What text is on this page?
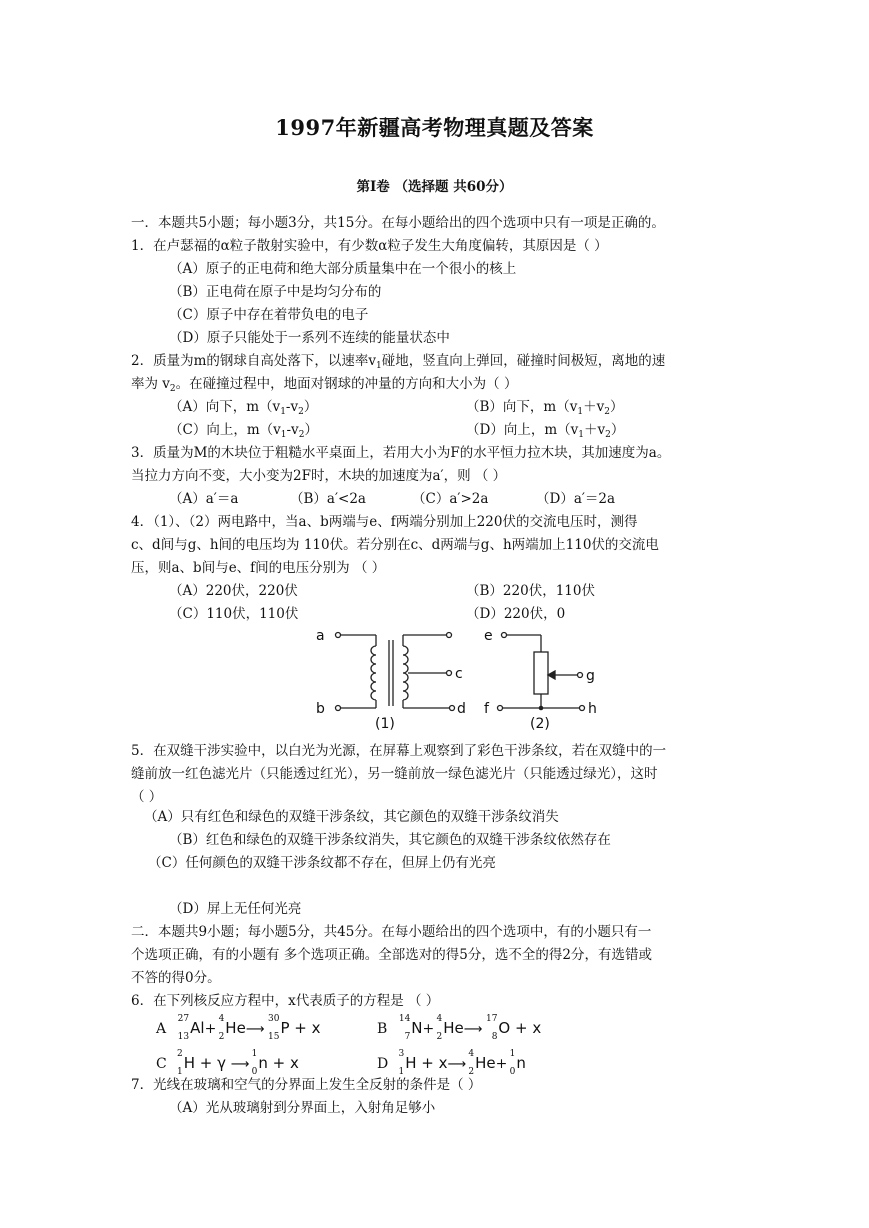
1997年新疆高考物理真题及答案
第Ⅰ卷 （选择题 共60分）
一．本题共5小题；每小题3分，共15分。在每小题给出的四个选项中只有一项是正确的。
1．在卢瑟福的α粒子散射实验中，有少数α粒子发生大角度偏转，其原因是（ ）
（A）原子的正电荷和绝大部分质量集中在一个很小的核上
（B）正电荷在原子中是均匀分布的
（C）原子中存在着带负电的电子
（D）原子只能处于一系列不连续的能量状态中
2．质量为m的钢球自高处落下，以速率$v_1$碰地，竖直向上弹回，碰撞时间极短，离地的速
率为 $v_2$。在碰撞过程中，地面对钢球的冲量的方向和大小为（ ）
（A）向下，$m(v_1-v_2)$	（B）向下，$m(v_1+v_2)$
（C）向上，$m(v_1-v_2)$	（D）向上，$m(v_1+v_2)$
3．质量为M的木块位于粗糙水平桌面上，若用大小为F的水平恒力拉木块，其加速度为a。
当拉力方向不变，大小变为2F时，木块的加速度为a′，则 （ ）
（A）a′＝a	（B）a′<2a	（C）a′>2a	（D）a′＝2a
4．（1）、（2）两电路中，当a、b两端与e、f两端分别加上220伏的交流电压时，测得
c、d间与g、h间的电压均为 110伏。若分别在c、d两端与g、h两端加上110伏的交流电
压，则a、b间与e、f间的电压分别为 （ ）
（A）220伏，220伏	（B）220伏，110伏
（C）110伏，110伏	（D）220伏，0
a
b
c
d
e
f
g
h
(1)	(2)
5．在双缝干涉实验中，以白光为光源，在屏幕上观察到了彩色干涉条纹，若在双缝中的一
缝前放一红色滤光片（只能透过红光），另一缝前放一绿色滤光片（只能透过绿光），这时
（ ）
（A）只有红色和绿色的双缝干涉条纹，其它颜色的双缝干涉条纹消失
（B）红色和绿色的双缝干涉条纹消失，其它颜色的双缝干涉条纹依然存在
（C）任何颜色的双缝干涉条纹都不存在，但屏上仍有光亮
（D）屏上无任何光亮
二．本题共9小题；每小题5分，共45分。在每小题给出的四个选项中，有的小题只有一
个选项正确，有的小题有 多个选项正确。全部选对的得5分，选不全的得2分，有选错或
不答的得0分。
6．在下列核反应方程中，x代表质子的方程是 （ ）
A
27
13 Al+
4
2 He⟶
30
15 P + x	B
14
7 N+
4
2 He⟶
17
8 O + x
C
2
1 H + γ ⟶
1
0 n + x	D
3
1 H + x⟶
4
2 He+
1
0 n
7．光线在玻璃和空气的分界面上发生全反射的条件是（ ）
（A）光从玻璃射到分界面上，入射角足够小
